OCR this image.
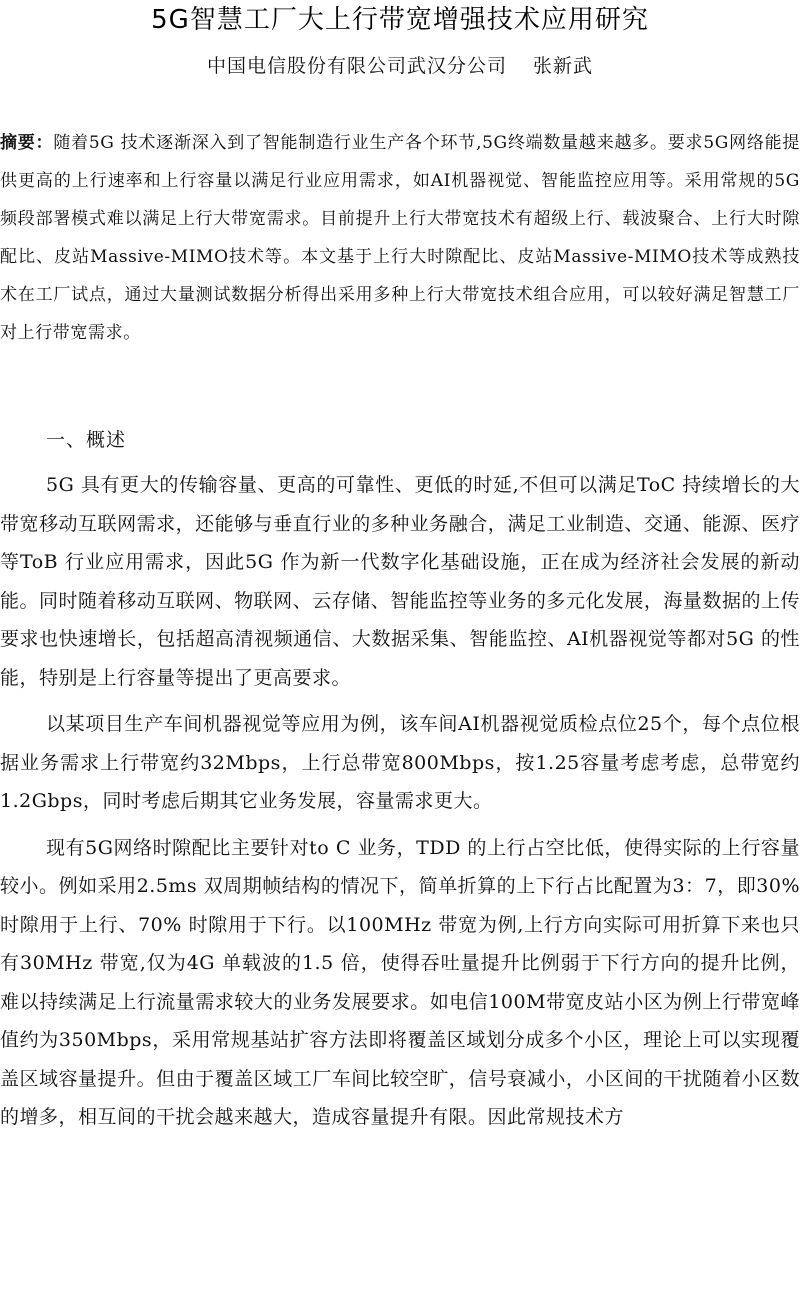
5G智慧工厂大上行带宽增强技术应用研究
中国电信股份有限公司武汉分公司 张新武

摘要：随着5G 技术逐渐深入到了智能制造行业生产各个环节,5G终端数量越来越多。要求5G网络能提供更高的上行速率和上行容量以满足行业应用需求，如AI机器视觉、智能监控应用等。采用常规的5G频段部署模式难以满足上行大带宽需求。目前提升上行大带宽技术有超级上行、载波聚合、上行大时隙配比、皮站Massive-MIMO技术等。本文基于上行大时隙配比、皮站Massive-MIMO技术等成熟技术在工厂试点，通过大量测试数据分析得出采用多种上行大带宽技术组合应用，可以较好满足智慧工厂对上行带宽需求。

一、概述

5G 具有更大的传输容量、更高的可靠性、更低的时延,不但可以满足ToC 持续增长的大带宽移动互联网需求，还能够与垂直行业的多种业务融合，满足工业制造、交通、能源、医疗等ToB 行业应用需求，因此5G 作为新一代数字化基础设施，正在成为经济社会发展的新动能。同时随着移动互联网、物联网、云存储、智能监控等业务的多元化发展，海量数据的上传要求也快速增长，包括超高清视频通信、大数据采集、智能监控、AI机器视觉等都对5G 的性能，特别是上行容量等提出了更高要求。

以某项目生产车间机器视觉等应用为例，该车间AI机器视觉质检点位25个，每个点位根据业务需求上行带宽约32Mbps，上行总带宽800Mbps，按1.25容量考虑考虑，总带宽约1.2Gbps，同时考虑后期其它业务发展，容量需求更大。

现有5G网络时隙配比主要针对to C 业务，TDD 的上行占空比低，使得实际的上行容量较小。例如采用2.5ms 双周期帧结构的情况下，简单折算的上下行占比配置为3：7，即30% 时隙用于上行、70% 时隙用于下行。以100MHz 带宽为例,上行方向实际可用折算下来也只有30MHz 带宽,仅为4G 单载波的1.5 倍，使得吞吐量提升比例弱于下行方向的提升比例，难以持续满足上行流量需求较大的业务发展要求。如电信100M带宽皮站小区为例上行带宽峰值约为350Mbps，采用常规基站扩容方法即将覆盖区域划分成多个小区，理论上可以实现覆盖区域容量提升。但由于覆盖区域工厂车间比较空旷，信号衰减小，小区间的干扰随着小区数的增多，相互间的干扰会越来越大，造成容量提升有限。因此常规技术方
